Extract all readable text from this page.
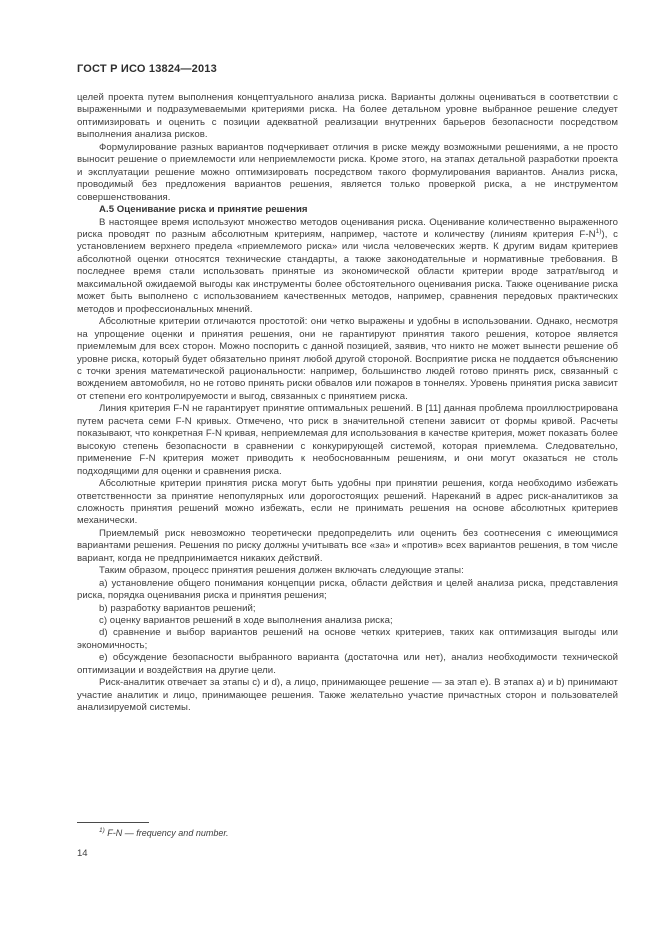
ГОСТ Р ИСО 13824—2013

целей проекта путем выполнения концептуального анализа риска. Варианты должны оцениваться в соответствии с выраженными и подразумеваемыми критериями риска. На более детальном уровне выбранное решение следует оптимизировать и оценить с позиции адекватной реализации внутренних барьеров безопасности посредством выполнения анализа рисков.

Формулирование разных вариантов подчеркивает отличия в риске между возможными решениями, а не просто выносит решение о приемлемости или неприемлемости риска. Кроме этого, на этапах детальной разработки проекта и эксплуатации решение можно оптимизировать посредством такого формулирования вариантов. Анализ риска, проводимый без предложения вариантов решения, является только проверкой риска, а не инструментом совершенствования.

А.5 Оценивание риска и принятие решения

В настоящее время используют множество методов оценивания риска. Оценивание количественно выраженного риска проводят по разным абсолютным критериям, например, частоте и количеству (линиям критерия F-N$^{1)}$), с установлением верхнего предела «приемлемого риска» или числа человеческих жертв. К другим видам критериев абсолютной оценки относятся технические стандарты, а также законодательные и нормативные требования. В последнее время стали использовать принятые из экономической области критерии вроде затрат/выгод и максимальной ожидаемой выгоды как инструменты более обстоятельного оценивания риска. Также оценивание риска может быть выполнено с использованием качественных методов, например, сравнения передовых практических методов и профессиональных мнений.

Абсолютные критерии отличаются простотой: они четко выражены и удобны в использовании. Однако, несмотря на упрощение оценки и принятия решения, они не гарантируют принятия такого решения, которое является приемлемым для всех сторон. Можно поспорить с данной позицией, заявив, что никто не может вынести решение об уровне риска, который будет обязательно принят любой другой стороной. Восприятие риска не поддается объяснению с точки зрения математической рациональности: например, большинство людей готово принять риск, связанный с вождением автомобиля, но не готово принять риски обвалов или пожаров в тоннелях. Уровень принятия риска зависит от степени его контролируемости и выгод, связанных с принятием риска.

Линия критерия F-N не гарантирует принятие оптимальных решений. В [11] данная проблема проиллюстрирована путем расчета семи F-N кривых. Отмечено, что риск в значительной степени зависит от формы кривой. Расчеты показывают, что конкретная F-N кривая, неприемлемая для использования в качестве критерия, может показать более высокую степень безопасности в сравнении с конкурирующей системой, которая приемлема. Следовательно, применение F-N критерия может приводить к необоснованным решениям, и они могут оказаться не столь подходящими для оценки и сравнения риска.

Абсолютные критерии принятия риска могут быть удобны при принятии решения, когда необходимо избежать ответственности за принятие непопулярных или дорогостоящих решений. Нареканий в адрес риск-аналитиков за сложность принятия решений можно избежать, если не принимать решения на основе абсолютных критериев механически.

Приемлемый риск невозможно теоретически предопределить или оценить без соотнесения с имеющимися вариантами решения. Решения по риску должны учитывать все «за» и «против» всех вариантов решения, в том числе вариант, когда не предпринимается никаких действий.

Таким образом, процесс принятия решения должен включать следующие этапы:

a) установление общего понимания концепции риска, области действия и целей анализа риска, представления риска, порядка оценивания риска и принятия решения;

b) разработку вариантов решений;

c) оценку вариантов решений в ходе выполнения анализа риска;

d) сравнение и выбор вариантов решений на основе четких критериев, таких как оптимизация выгоды или экономичность;

e) обсуждение безопасности выбранного варианта (достаточна или нет), анализ необходимости технической оптимизации и воздействия на другие цели.

Риск-аналитик отвечает за этапы c) и d), а лицо, принимающее решение — за этап e). В этапах a) и b) принимают участие аналитик и лицо, принимающее решения. Также желательно участие причастных сторон и пользователей анализируемой системы.

$^{1)}$ F-N — frequency and number.

14
